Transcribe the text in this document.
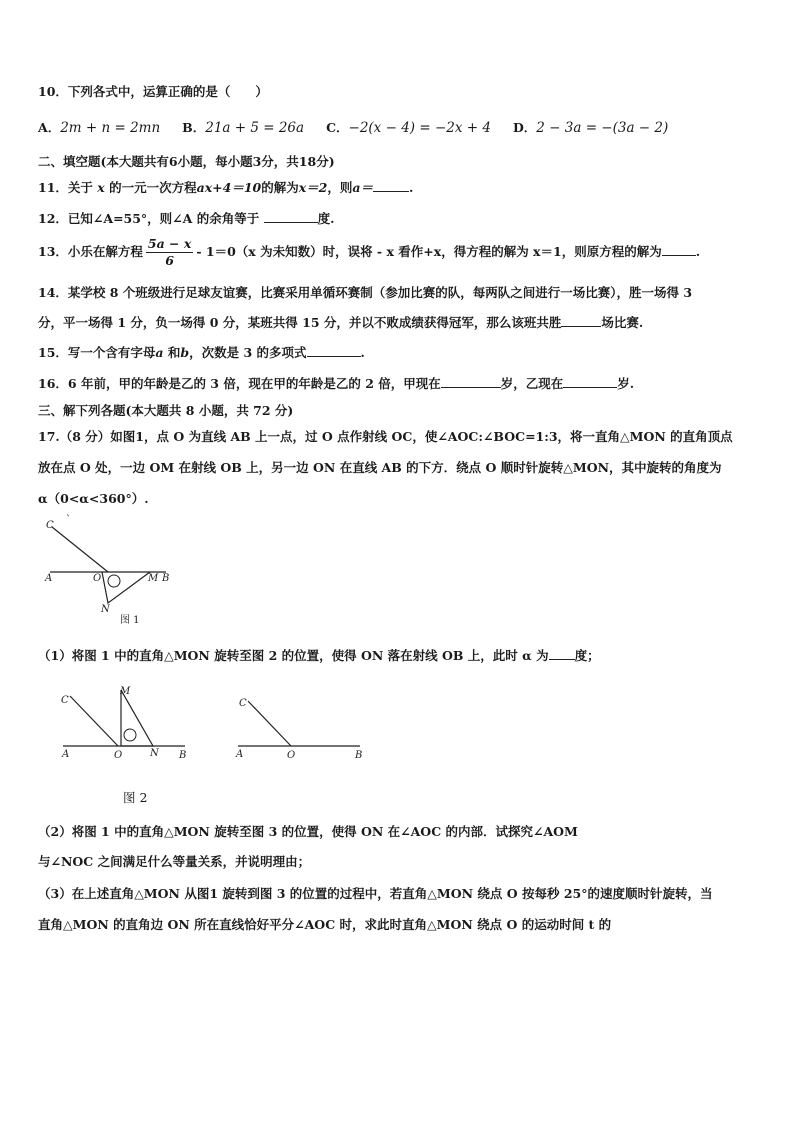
10．下列各式中，运算正确的是（　　）
A．2m + n = 2mn B．21a + 5 = 26a C．−2(x − 4) = −2x + 4 D．2 − 3a = −(3a − 2)
二、填空题(本大题共有6小题，每小题3分，共18分)
11．关于 x 的一元一次方程ax+4＝10的解为x＝2，则a＝	.
12．已知∠A=55°，则∠A 的余角等于	度.
13．小乐在解方程 $\frac{5a - x}{6} - 1=0(x$ 为未知数）时，误将 - x 看作+x，得方程的解为 x＝1，则原方程的解为	.
14．某学校 8 个班级进行足球友谊赛，比赛采用单循环赛制（参加比赛的队，每两队之间进行一场比赛），胜一场得 3
分，平一场得 1 分，负一场得 0 分，某班共得 15 分，并以不败成绩获得冠军，那么该班共胜	场比赛.
15．写一个含有字母a 和b，次数是 3 的多项式	.
16．6 年前，甲的年龄是乙的 3 倍，现在甲的年龄是乙的 2 倍，甲现在	岁，乙现在	岁.
三、解下列各题(本大题共 8 小题，共 72 分)
17.（8 分）如图1，点 O 为直线 AB 上一点，过 O 点作射线 OC，使∠AOC:∠BOC=1:3，将一直角△MON 的直角顶点
放在点 O 处，一边 OM 在射线 OB 上，另一边 ON 在直线 AB 的下方．绕点 O 顺时针旋转△MON，其中旋转的角度为
α（0<α<360°）.
C `
A	O	M B
N
图 1
（1）将图 1 中的直角△MON 旋转至图 2 的位置，使得 ON 落在射线 OB 上，此时 α 为 度；
C
M
A	O	N B
C
A	O	B
图 2
（2）将图 1 中的直角△MON 旋转至图 3 的位置，使得 ON 在∠AOC 的内部．试探究∠AOM
与∠NOC 之间满足什么等量关系，并说明理由；
（3）在上述直角△MON 从图1 旋转到图 3 的位置的过程中，若直角△MON 绕点 O 按每秒 25°的速度顺时针旋转，当
直角△MON 的直角边 ON 所在直线恰好平分∠AOC 时，求此时直角△MON 绕点 O 的运动时间 t 的
